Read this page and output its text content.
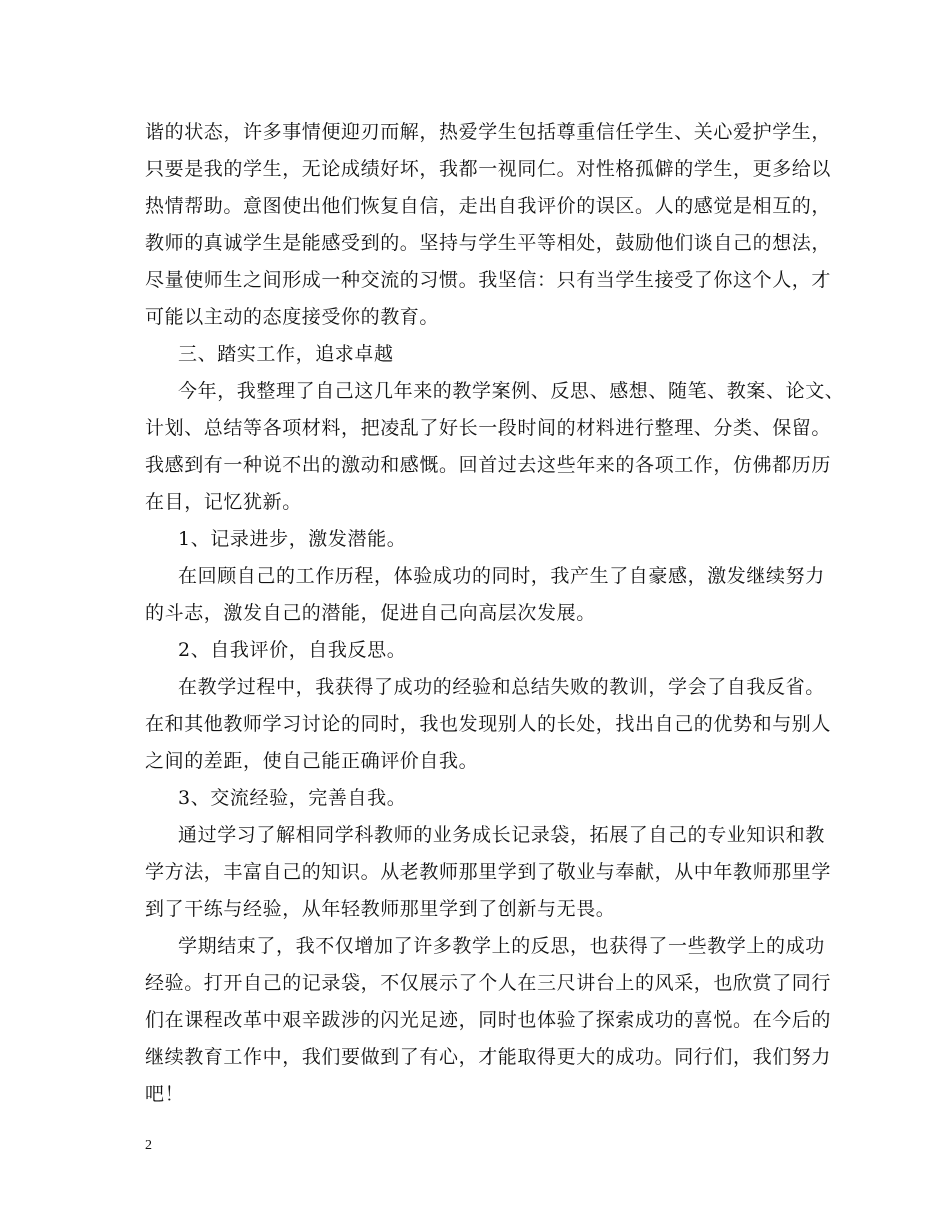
谐的状态，许多事情便迎刃而解，热爱学生包括尊重信任学生、关心爱护学生，
只要是我的学生，无论成绩好坏，我都一视同仁。对性格孤僻的学生，更多给以
热情帮助。意图使出他们恢复自信，走出自我评价的误区。人的感觉是相互的，
教师的真诚学生是能感受到的。坚持与学生平等相处，鼓励他们谈自己的想法，
尽量使师生之间形成一种交流的习惯。我坚信：只有当学生接受了你这个人，才
可能以主动的态度接受你的教育。
三、踏实工作，追求卓越
今年，我整理了自己这几年来的教学案例、反思、感想、随笔、教案、论文、
计划、总结等各项材料，把凌乱了好长一段时间的材料进行整理、分类、保留。
我感到有一种说不出的激动和感慨。回首过去这些年来的各项工作，仿佛都历历
在目，记忆犹新。
1、记录进步，激发潜能。
在回顾自己的工作历程，体验成功的同时，我产生了自豪感，激发继续努力
的斗志，激发自己的潜能，促进自己向高层次发展。
2、自我评价，自我反思。
在教学过程中，我获得了成功的经验和总结失败的教训，学会了自我反省。
在和其他教师学习讨论的同时，我也发现别人的长处，找出自己的优势和与别人
之间的差距，使自己能正确评价自我。
3、交流经验，完善自我。
通过学习了解相同学科教师的业务成长记录袋，拓展了自己的专业知识和教
学方法，丰富自己的知识。从老教师那里学到了敬业与奉献，从中年教师那里学
到了干练与经验，从年轻教师那里学到了创新与无畏。
学期结束了，我不仅增加了许多教学上的反思，也获得了一些教学上的成功
经验。打开自己的记录袋，不仅展示了个人在三尺讲台上的风采，也欣赏了同行
们在课程改革中艰辛跋涉的闪光足迹，同时也体验了探索成功的喜悦。在今后的
继续教育工作中，我们要做到了有心，才能取得更大的成功。同行们，我们努力
吧！
2
